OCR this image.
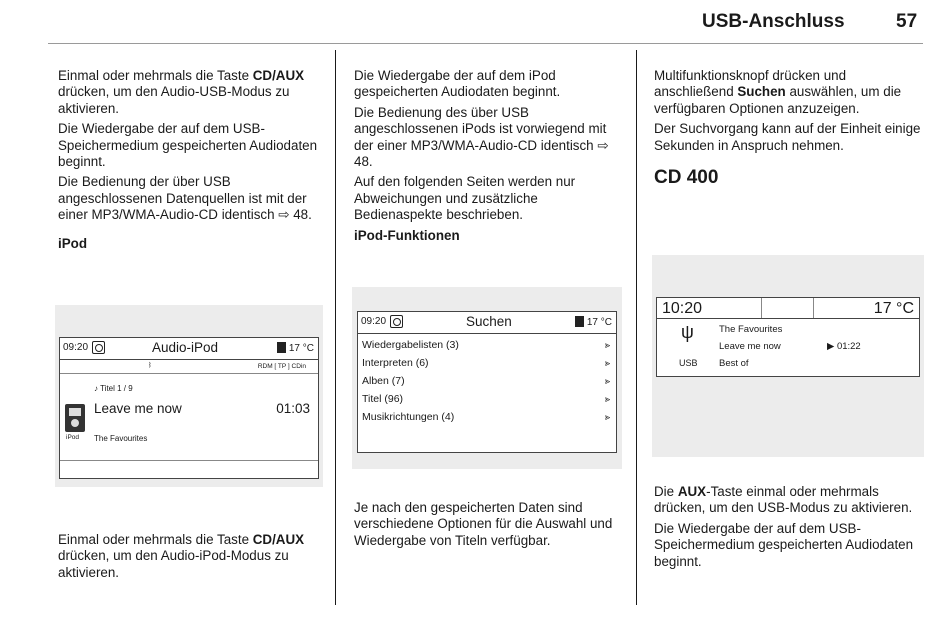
USB-Anschluss	57

Einmal oder mehrmals die Taste CD/AUX drücken, um den Audio-USB-Modus zu aktivieren.

Die Wiedergabe der auf dem USB-Speichermedium gespeicherten Audiodaten beginnt.

Die Bedienung der über USB angeschlossenen Datenquellen ist mit der einer MP3/WMA-Audio-CD identisch ⇨ 48.

iPod
09:20	Audio-iPod	17 °C
ᛒ	RDM [ TP ] CDin
♪ Titel 1 / 9
Leave me now	01:03
iPod The Favourites

Einmal oder mehrmals die Taste CD/AUX drücken, um den Audio-iPod-Modus zu aktivieren.

Die Wiedergabe der auf dem iPod gespeicherten Audiodaten beginnt.

Die Bedienung des über USB angeschlossenen iPods ist vorwiegend mit der einer MP3/WMA-Audio-CD identisch ⇨ 48.

Auf den folgenden Seiten werden nur Abweichungen und zusätzliche Bedienaspekte beschrieben.

iPod-Funktionen
09:20	Suchen	17 °C
Wiedergabelisten (3)	⪢
Interpreten (6)	⪢
Alben (7)	⪢
Titel (96)	⪢
Musikrichtungen (4)	⪢

Je nach den gespeicherten Daten sind verschiedene Optionen für die Auswahl und Wiedergabe von Titeln verfügbar.

Multifunktionsknopf drücken und anschließend Suchen auswählen, um die verfügbaren Optionen anzuzeigen.

Der Suchvorgang kann auf der Einheit einige Sekunden in Anspruch nehmen.

CD 400
10:20	17 °C
ψ
USB
The Favourites
Leave me now
Best of
▶ 01:22

Die AUX-Taste einmal oder mehrmals drücken, um den USB-Modus zu aktivieren.

Die Wiedergabe der auf dem USB-Speichermedium gespeicherten Audiodaten beginnt.
